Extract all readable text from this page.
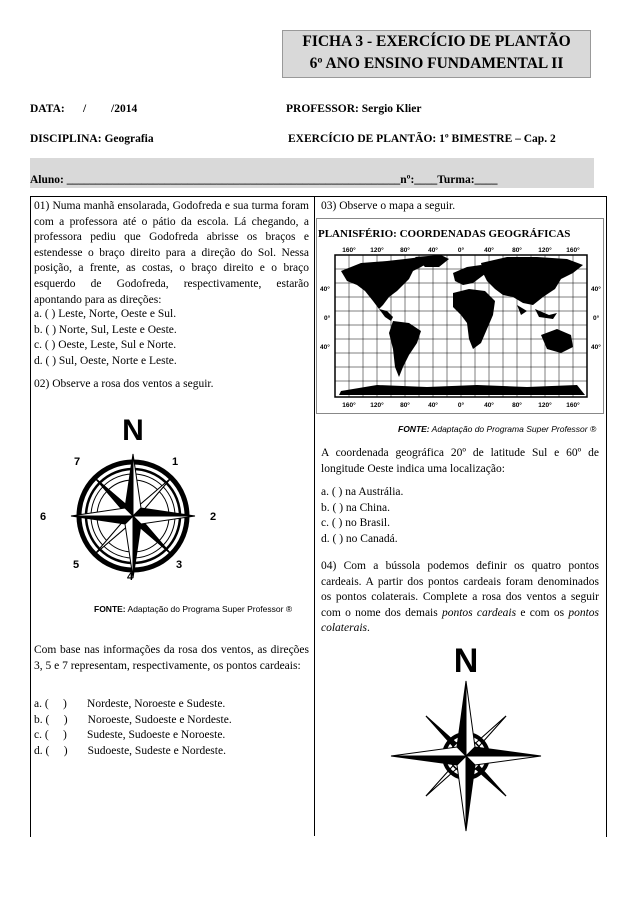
FICHA 3 - EXERCÍCIO DE PLANTÃO
6º ANO ENSINO FUNDAMENTAL II
DATA: / /2014	PROFESSOR: Sergio Klier
DISCIPLINA: Geografia	EXERCÍCIO DE PLANTÃO: 1º BIMESTRE – Cap. 2
Aluno: __________________________________________________________nº:____Turma:____
01) Numa manhã ensolarada, Godofreda e sua turma foram com a professora até o pátio da escola. Lá chegando, a professora pediu que Godofreda abrisse os braços e estendesse o braço direito para a direção do Sol. Nessa posição, a frente, as costas, o braço direito e o braço esquerdo de Godofreda, respectivamente, estarão apontando para as direções:
a. ( ) Leste, Norte, Oeste e Sul.
b. ( ) Norte, Sul, Leste e Oeste.
c. ( ) Oeste, Leste, Sul e Norte.
d. ( ) Sul, Oeste, Norte e Leste.
02) Observe a rosa dos ventos a seguir.
N
1
2
3
4
5
6
7
FONTE: Adaptação do Programa Super Professor ®
Com base nas informações da rosa dos ventos, as direções 3, 5 e 7 representam, respectivamente, os pontos cardeais:
a. (     )       Nordeste, Noroeste e Sudeste.
b. (     )       Noroeste, Sudoeste e Nordeste.
c. (     )       Sudeste, Sudoeste e Noroeste.
d. (     )       Sudoeste, Sudeste e Nordeste.
03) Observe o mapa a seguir.
PLANISFÉRIO: COORDENADAS GEOGRÁFICAS
160° 120°	80°	40°	0°	40°	80°	120° 160°
40°
0°
40°
40°
0°
40°
160° 120°	80°	40°	0°	40°	80°	120° 160°
FONTE: Adaptação do Programa Super Professor ®
A coordenada geográfica 20º de latitude Sul e 60º de longitude Oeste indica uma localização:
a. ( ) na Austrália.
b. ( ) na China.
c. ( ) no Brasil.
d. ( ) no Canadá.
04) Com a bússola podemos definir os quatro pontos cardeais. A partir dos pontos cardeais foram denominados os pontos colaterais. Complete a rosa dos ventos a seguir com o nome dos demais pontos cardeais e com os pontos colaterais.
N
